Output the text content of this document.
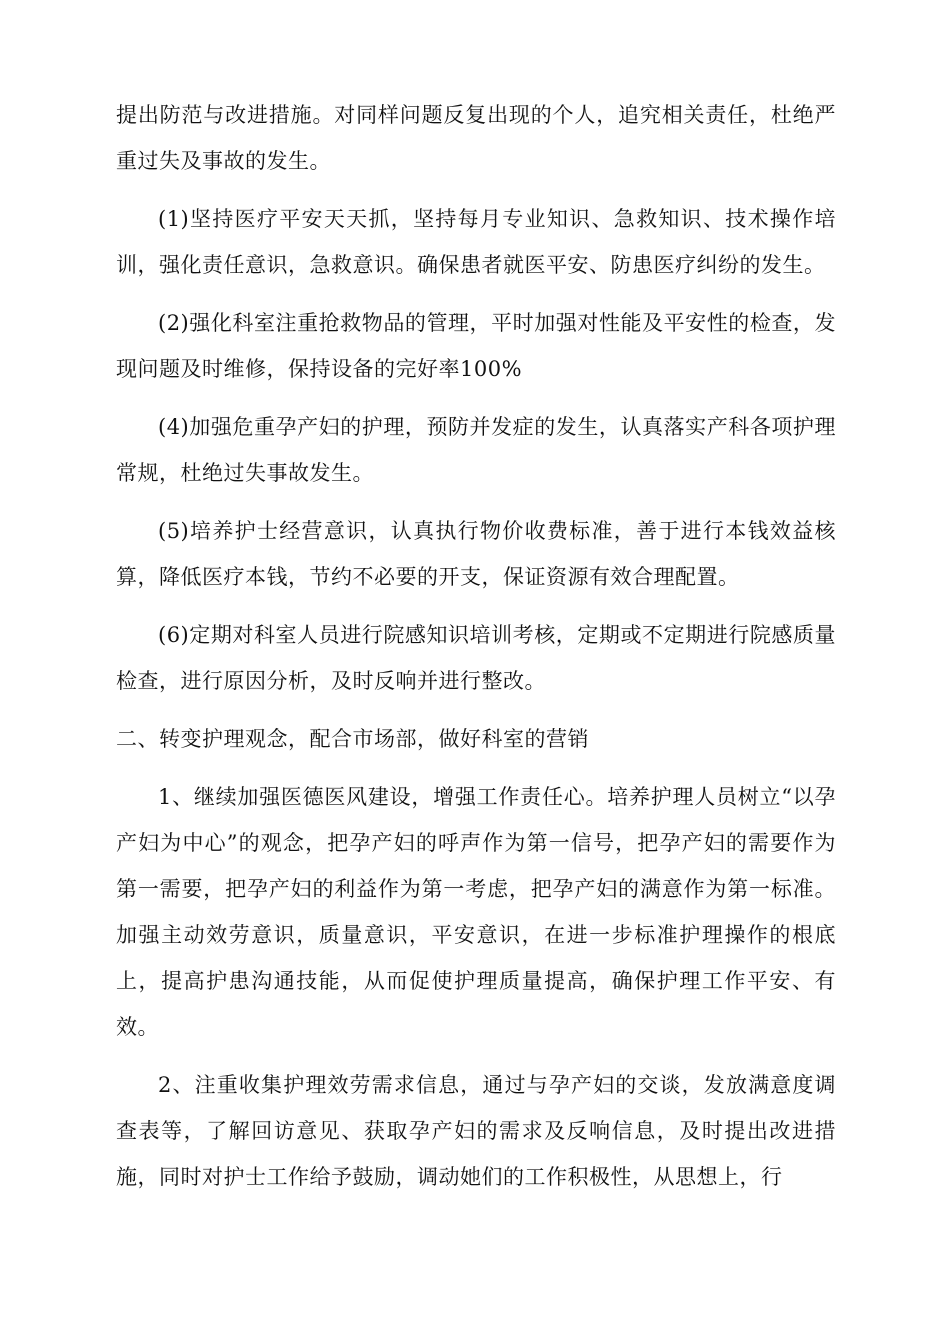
提出防范与改进措施。对同样问题反复出现的个人，追究相关责任，杜绝严重过失及事故的发生。

(1)坚持医疗平安天天抓，坚持每月专业知识、急救知识、技术操作培训，强化责任意识，急救意识。确保患者就医平安、防患医疗纠纷的发生。

(2)强化科室注重抢救物品的管理，平时加强对性能及平安性的检查，发现问题及时维修，保持设备的完好率100%

(4)加强危重孕产妇的护理，预防并发症的发生，认真落实产科各项护理常规，杜绝过失事故发生。

(5)培养护士经营意识，认真执行物价收费标准，善于进行本钱效益核算，降低医疗本钱，节约不必要的开支，保证资源有效合理配置。

(6)定期对科室人员进行院感知识培训考核，定期或不定期进行院感质量检查，进行原因分析，及时反响并进行整改。

二、转变护理观念，配合市场部，做好科室的营销

1、继续加强医德医风建设，增强工作责任心。培养护理人员树立“以孕产妇为中心”的观念，把孕产妇的呼声作为第一信号，把孕产妇的需要作为第一需要，把孕产妇的利益作为第一考虑，把孕产妇的满意作为第一标准。加强主动效劳意识，质量意识，平安意识，在进一步标准护理操作的根底上，提高护患沟通技能，从而促使护理质量提高，确保护理工作平安、有效。

2、注重收集护理效劳需求信息，通过与孕产妇的交谈，发放满意度调查表等，了解回访意见、获取孕产妇的需求及反响信息，及时提出改进措施，同时对护士工作给予鼓励，调动她们的工作积极性，从思想上，行
